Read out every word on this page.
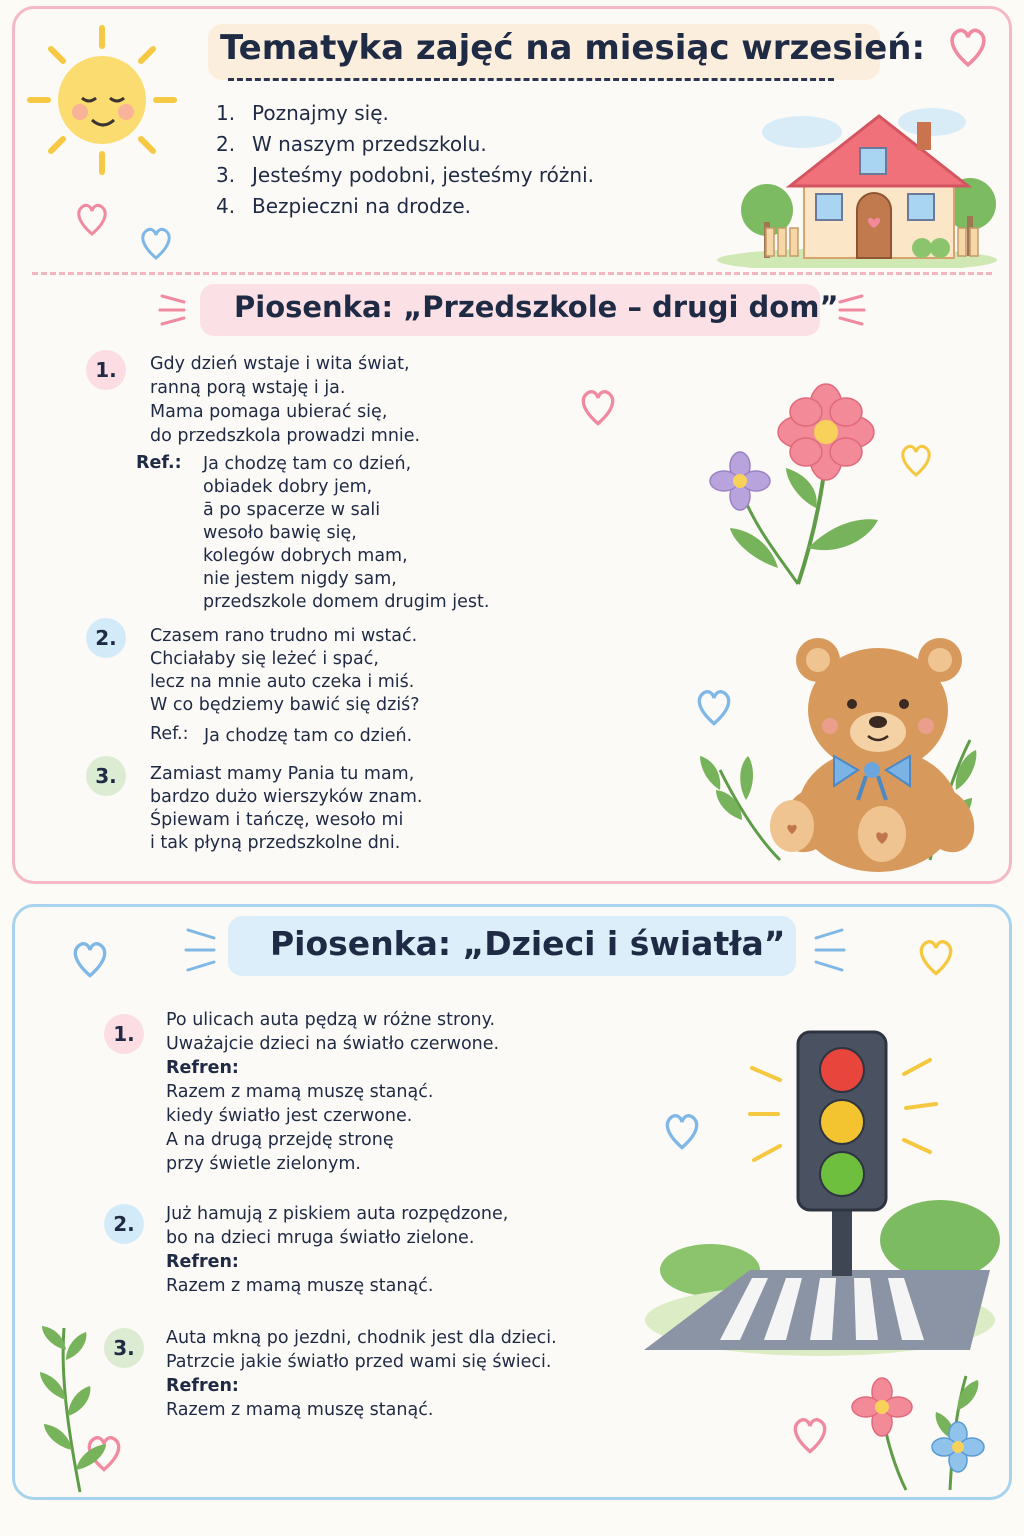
Tematyka zajęć na miesiąc wrzesień:
1. Poznajmy się.
2. W naszym przedszkolu.
3. Jesteśmy podobni, jesteśmy różni.
4. Bezpieczni na drodze.
Piosenka: „Przedszkole – drugi dom”
1.	Gdy dzień wstaje i wita świat,
ranną porą wstaję i ja.
Mama pomaga ubierać się,
do przedszkola prowadzi mnie.
Ref.: Ja chodzę tam co dzień,
obiadek dobry jem,
ā po spacerze w sali
wesoło bawię się,
kolegów dobrych mam,
nie jestem nigdy sam,
przedszkole domem drugim jest.
2.	Czasem rano trudno mi wstać.
Chciałaby się leżeć i spać,
lecz na mnie auto czeka i miś.
W co będziemy bawić się dziś?
Ref.: Ja chodzę tam co dzień.
3.	Zamiast mamy Pania tu mam,
bardzo dużo wierszyków znam.
Śpiewam i tańczę, wesoło mi
i tak płyną przedszkolne dni.
Piosenka: „Dzieci i światła”
1.
Po ulicach auta pędzą w różne strony.
Uważajcie dzieci na światło czerwone.
Refren:
Razem z mamą muszę stanąć.
kiedy światło jest czerwone.
A na drugą przejdę stronę
przy świetle zielonym.
2.	Już hamują z piskiem auta rozpędzone,
bo na dzieci mruga światło zielone.
Refren:
Razem z mamą muszę stanąć.
3.	Auta mkną po jezdni, chodnik jest dla dzieci.
Patrzcie jakie światło przed wami się świeci.
Refren:
Razem z mamą muszę stanąć.
